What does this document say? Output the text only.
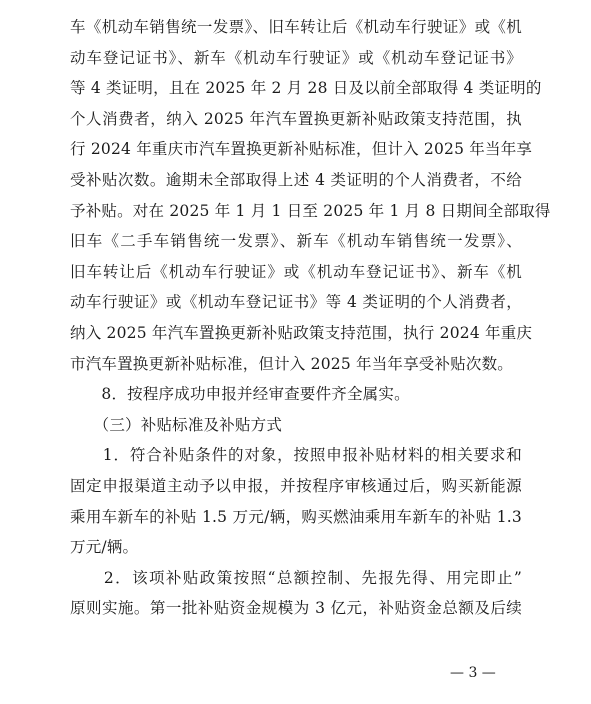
车《机动车销售统一发票》、旧车转让后《机动车行驶证》或《机
动车登记证书》、新车《机动车行驶证》或《机动车登记证书》
等 4 类证明，且在 2025 年 2 月 28 日及以前全部取得 4 类证明的
个人消费者，纳入 2025 年汽车置换更新补贴政策支持范围，执
行 2024 年重庆市汽车置换更新补贴标准，但计入 2025 年当年享
受补贴次数。逾期未全部取得上述 4 类证明的个人消费者，不给
予补贴。对在 2025 年 1 月 1 日至 2025 年 1 月 8 日期间全部取得
旧车《二手车销售统一发票》、新车《机动车销售统一发票》、
旧车转让后《机动车行驶证》或《机动车登记证书》、新车《机
动车行驶证》或《机动车登记证书》等 4 类证明的个人消费者，
纳入 2025 年汽车置换更新补贴政策支持范围，执行 2024 年重庆
市汽车置换更新补贴标准，但计入 2025 年当年享受补贴次数。
　　8．按程序成功申报并经审查要件齐全属实。
　　（三）补贴标准及补贴方式
　　1．符合补贴条件的对象，按照申报补贴材料的相关要求和
固定申报渠道主动予以申报，并按程序审核通过后，购买新能源
乘用车新车的补贴 1.5 万元/辆，购买燃油乘用车新车的补贴 1.3
万元/辆。
　　2．该项补贴政策按照“总额控制、先报先得、用完即止”
原则实施。第一批补贴资金规模为 3 亿元，补贴资金总额及后续
— 3 —
